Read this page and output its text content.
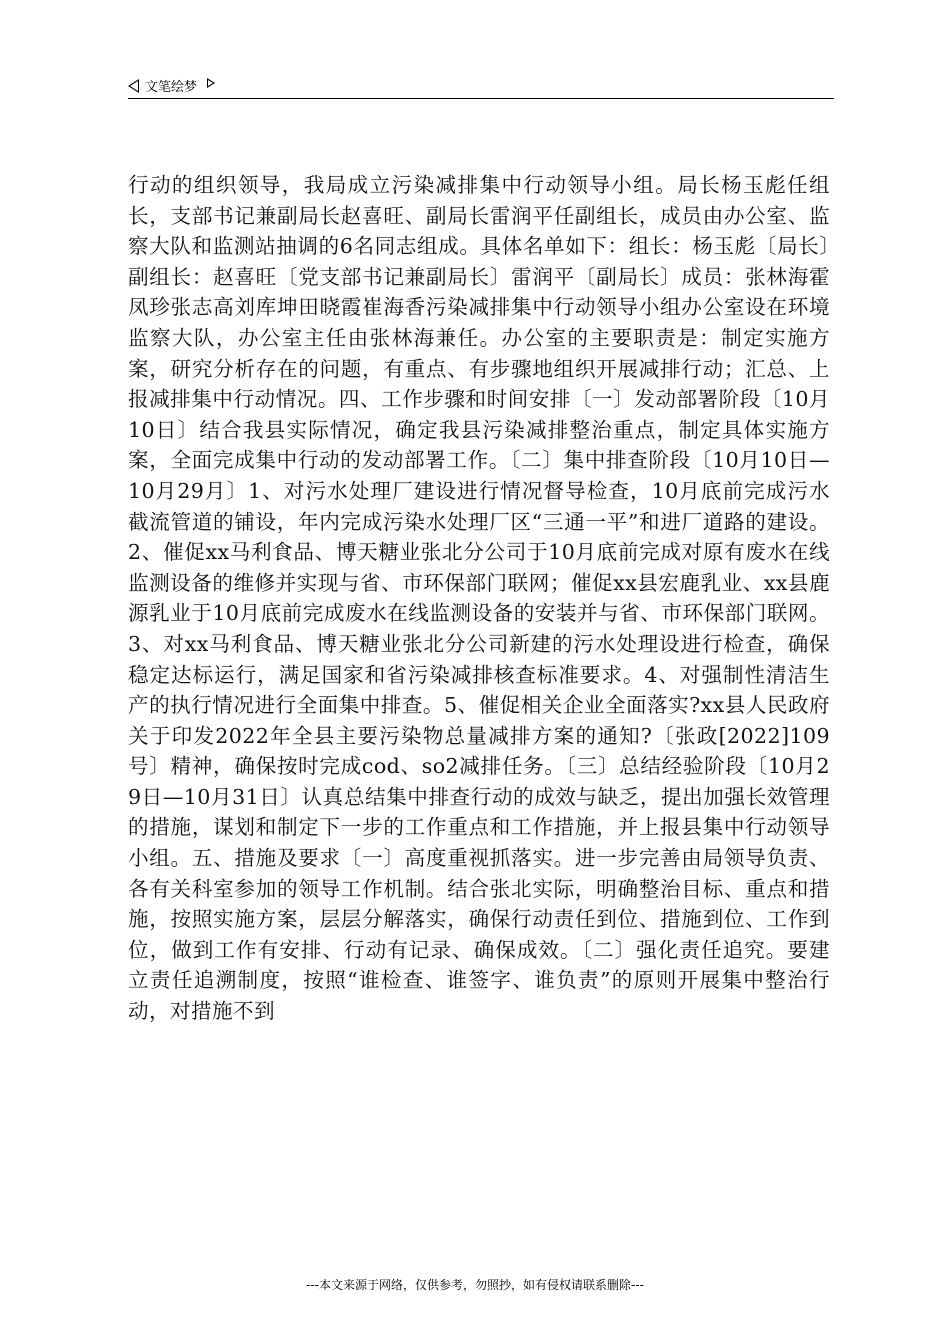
文笔绘梦

行动的组织领导，我局成立污染减排集中行动领导小组。局长杨玉彪任组长，支部书记兼副局长赵喜旺、副局长雷润平任副组长，成员由办公室、监察大队和监测站抽调的6名同志组成。具体名单如下：组长：杨玉彪〔局长〕副组长：赵喜旺〔党支部书记兼副局长〕雷润平〔副局长〕成员：张林海霍凤珍张志高刘库坤田晓霞崔海香污染减排集中行动领导小组办公室设在环境监察大队，办公室主任由张林海兼任。办公室的主要职责是：制定实施方案，研究分析存在的问题，有重点、有步骤地组织开展减排行动；汇总、上报减排集中行动情况。四、工作步骤和时间安排〔一〕发动部署阶段〔10月10日〕结合我县实际情况，确定我县污染减排整治重点，制定具体实施方案，全面完成集中行动的发动部署工作。〔二〕集中排查阶段〔10月10日—10月29月〕1、对污水处理厂建设进行情况督导检查，10月底前完成污水截流管道的铺设，年内完成污染水处理厂区“三通一平”和进厂道路的建设。2、催促xx马利食品、博天糖业张北分公司于10月底前完成对原有废水在线监测设备的维修并实现与省、市环保部门联网；催促xx县宏鹿乳业、xx县鹿源乳业于10月底前完成废水在线监测设备的安装并与省、市环保部门联网。3、对xx马利食品、博天糖业张北分公司新建的污水处理设进行检查，确保稳定达标运行，满足国家和省污染减排核查标准要求。4、对强制性清洁生产的执行情况进行全面集中排查。5、催促相关企业全面落实?xx县人民政府关于印发2022年全县主要污染物总量减排方案的通知?〔张政[2022]109号〕精神，确保按时完成cod、so2减排任务。〔三〕总结经验阶段〔10月29日—10月31日〕认真总结集中排查行动的成效与缺乏，提出加强长效管理的措施，谋划和制定下一步的工作重点和工作措施，并上报县集中行动领导小组。五、措施及要求〔一〕高度重视抓落实。进一步完善由局领导负责、各有关科室参加的领导工作机制。结合张北实际，明确整治目标、重点和措施，按照实施方案，层层分解落实，确保行动责任到位、措施到位、工作到位，做到工作有安排、行动有记录、确保成效。〔二〕强化责任追究。要建立责任追溯制度，按照“谁检查、谁签字、谁负责”的原则开展集中整治行动，对措施不到

---本文来源于网络，仅供参考，勿照抄，如有侵权请联系删除---
